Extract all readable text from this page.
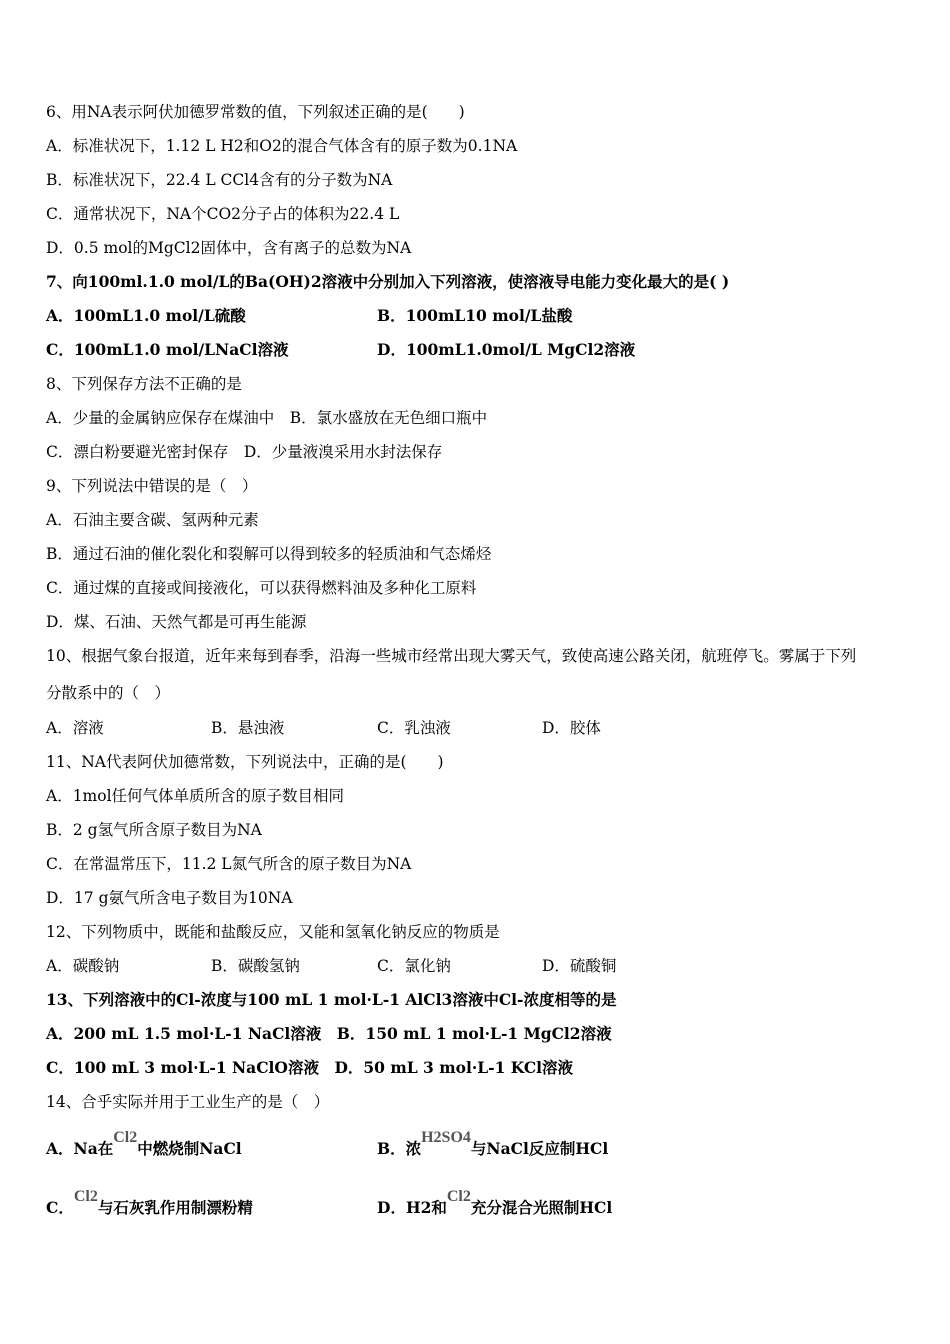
6、用NA表示阿伏加德罗常数的值，下列叙述正确的是(　　)
A．标准状况下，1.12 L H2和O2的混合气体含有的原子数为0.1NA
B．标准状况下，22.4 L CCl4含有的分子数为NA
C．通常状况下，NA个CO2分子占的体积为22.4 L
D．0.5 mol的MgCl2固体中，含有离子的总数为NA
7、向100ml.1.0 mol/L的Ba(OH)2溶液中分别加入下列溶液，使溶液导电能力变化最大的是( )
A．100mL1.0 mol/L硫酸	B．100mL10 mol/L盐酸
C．100mL1.0 mol/LNaCl溶液	D．100mL1.0mol/L MgCl2溶液
8、下列保存方法不正确的是
A．少量的金属钠应保存在煤油中　B．氯水盛放在无色细口瓶中
C．漂白粉要避光密封保存　D．少量液溴采用水封法保存
9、下列说法中错误的是（　）
A．石油主要含碳、氢两种元素
B．通过石油的催化裂化和裂解可以得到较多的轻质油和气态烯烃
C．通过煤的直接或间接液化，可以获得燃料油及多种化工原料
D．煤、石油、天然气都是可再生能源
10、根据气象台报道，近年来每到春季，沿海一些城市经常出现大雾天气，致使高速公路关闭，航班停飞。雾属于下列
分散系中的（　）
A．溶液	B．悬浊液	C．乳浊液	D．胶体
11、NA代表阿伏加德常数，下列说法中，正确的是(　　)
A．1mol任何气体单质所含的原子数目相同
B．2 g氢气所含原子数目为NA
C．在常温常压下，11.2 L氮气所含的原子数目为NA
D．17 g氨气所含电子数目为10NA
12、下列物质中，既能和盐酸反应，又能和氢氧化钠反应的物质是
A．碳酸钠	B．碳酸氢钠	C．氯化钠	D．硫酸铜
13、下列溶液中的Cl-浓度与100 mL 1 mol·L-1 AlCl3溶液中Cl-浓度相等的是
A．200 mL 1.5 mol·L-1 NaCl溶液　B．150 mL 1 mol·L-1 MgCl2溶液
C．100 mL 3 mol·L-1 NaClO溶液　D．50 mL 3 mol·L-1 KCl溶液
14、合乎实际并用于工业生产的是（　）
A．Na在Cl2中燃烧制NaCl	B．浓H2SO4与NaCl反应制HCl
C．Cl2与石灰乳作用制漂粉精	D．H2和Cl2充分混合光照制HCl
